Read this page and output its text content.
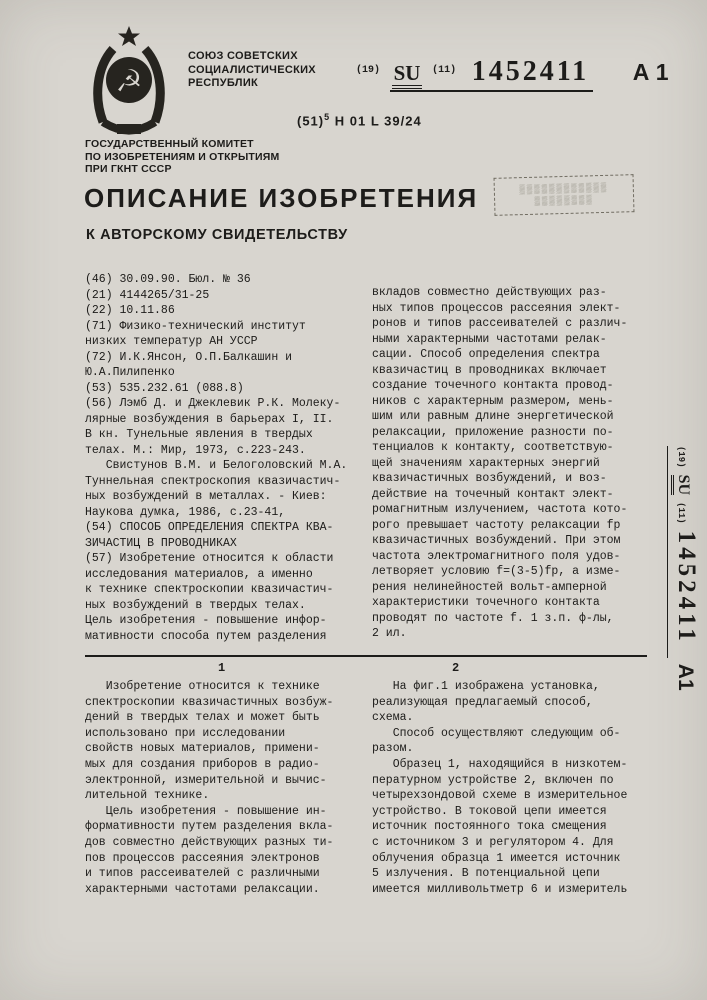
☭
СОЮЗ СОВЕТСКИХ
СОЦИАЛИСТИЧЕСКИХ
РЕСПУБЛИК
$^{(19)}$ SU $^{(11)}$ 1452411 А 1
$(51)^5$ Н 01 L 39/24
ГОСУДАРСТВЕННЫЙ КОМИТЕТ
ПО ИЗОБРЕТЕНИЯМ И ОТКРЫТИЯМ
ПРИ ГКНТ СССР
▒▒▒▒▒▒▒▒▒▒▒▒
▒▒▒▒▒▒▒▒
ОПИСАНИЕ ИЗОБРЕТЕНИЯ
К АВТОРСКОМУ СВИДЕТЕЛЬСТВУ
(46) 30.09.90. Бюл. № 36
(21) 4144265/31-25
(22) 10.11.86
(71) Физико-технический институт
низких температур АН УССР
(72) И.К.Янсон, О.П.Балкашин и
Ю.А.Пилипенко
(53) 535.232.61 (088.8)
(56) Лэмб Д. и Джеклевик Р.К. Молеку-
лярные возбуждения в барьерах I, II.
В кн. Тунельные явления в твердых
телах. М.: Мир, 1973, с.223-243.
Свистунов В.М. и Белоголовский М.А.
Туннельная спектроскопия квазичастич-
ных возбуждений в металлах. - Киев:
Наукова думка, 1986, с.23-41,
(54) СПОСОБ ОПРЕДЕЛЕНИЯ СПЕКТРА КВА-
ЗИЧАСТИЦ В ПРОВОДНИКАХ
(57) Изобретение относится к области
исследования материалов, а именно
к технике спектроскопии квазичастич-
ных возбуждений в твердых телах.
Цель изобретения - повышение инфор-
мативности способа путем разделения
вкладов совместно действующих раз-
ных типов процессов рассеяния элект-
ронов и типов рассеивателей с различ-
ными характерными частотами релак-
сации. Способ определения спектра
квазичастиц в проводниках включает
создание точечного контакта провод-
ников с характерным размером, мень-
шим или равным длине энергетической
релаксации, приложение разности по-
тенциалов к контакту, соответствую-
щей значениям характерных энергий
квазичастичных возбуждений, и воз-
действие на точечный контакт элект-
ромагнитным излучением, частота кото-
рого превышает частоту релаксации fр
квазичастичных возбуждений. При этом
частота электромагнитного поля удов-
летворяет условию f=(3-5)fр, а изме-
рения нелинейностей вольт-амперной
характеристики точечного контакта
проводят по частоте f. 1 з.п. ф-лы,
2 ил.
(19)
SU
(11)
1452411
А1
1	2
Изобретение относится к технике
спектроскопии квазичастичных возбуж-
дений в твердых телах и может быть
использовано при исследовании
свойств новых материалов, примени-
мых для создания приборов в радио-
электронной, измерительной и вычис-
лительной технике.
Цель изобретения - повышение ин-
формативности путем разделения вкла-
дов совместно действующих разных ти-
пов процессов рассеяния электронов
и типов рассеивателей с различными
характерными частотами релаксации.
На фиг.1 изображена установка,
реализующая предлагаемый способ,
схема.
Способ осуществляют следующим об-
разом.
Образец 1, находящийся в низкотем-
пературном устройстве 2, включен по
четырехзондовой схеме в измерительное
устройство. В токовой цепи имеется
источник постоянного тока смещения
с источником 3 и регулятором 4. Для
облучения образца 1 имеется источник
5 излучения. В потенциальной цепи
имеется милливольтметр 6 и измеритель
